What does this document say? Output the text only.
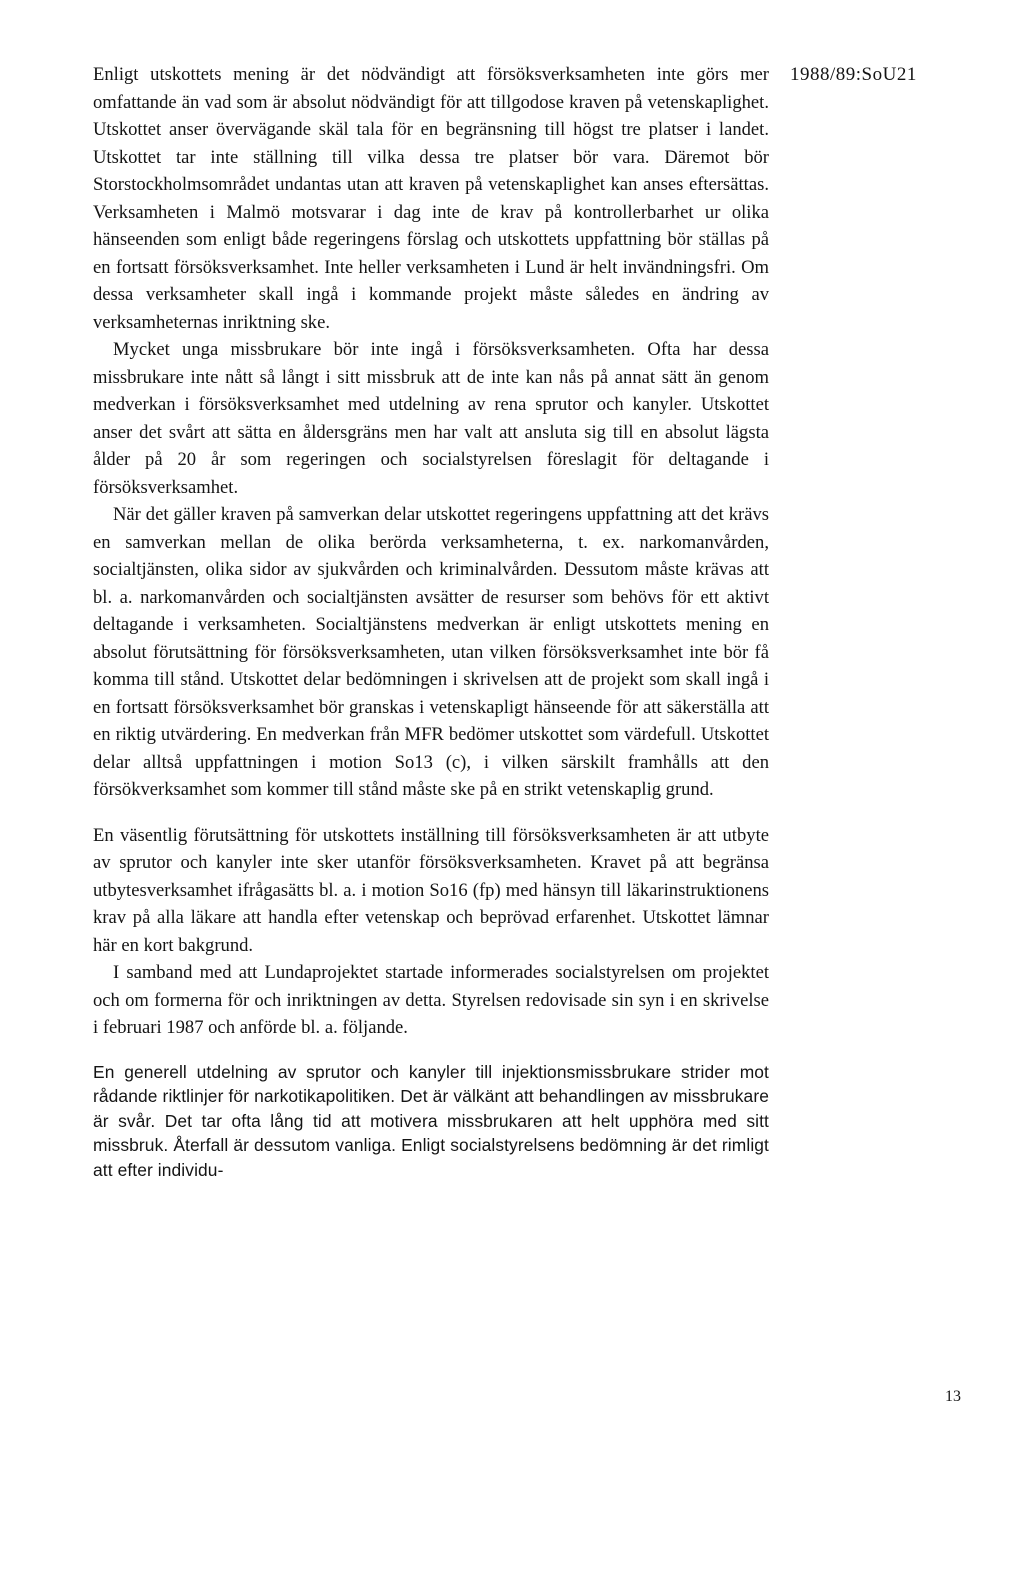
1988/89:SoU21

Enligt utskottets mening är det nödvändigt att försöksverksamheten inte görs mer omfattande än vad som är absolut nödvändigt för att tillgodose kraven på vetenskaplighet. Utskottet anser övervägande skäl tala för en begränsning till högst tre platser i landet. Utskottet tar inte ställning till vilka dessa tre platser bör vara. Däremot bör Storstockholmsområdet undantas utan att kraven på vetenskaplighet kan anses eftersättas. Verksamheten i Malmö motsvarar i dag inte de krav på kontrollerbarhet ur olika hänseenden som enligt både regeringens förslag och utskottets uppfattning bör ställas på en fortsatt försöksverksamhet. Inte heller verksamheten i Lund är helt invändningsfri. Om dessa verksamheter skall ingå i kommande projekt måste således en ändring av verksamheternas inriktning ske.

Mycket unga missbrukare bör inte ingå i försöksverksamheten. Ofta har dessa missbrukare inte nått så långt i sitt missbruk att de inte kan nås på annat sätt än genom medverkan i försöksverksamhet med utdelning av rena sprutor och kanyler. Utskottet anser det svårt att sätta en åldersgräns men har valt att ansluta sig till en absolut lägsta ålder på 20 år som regeringen och socialstyrelsen föreslagit för deltagande i försöksverksamhet.

När det gäller kraven på samverkan delar utskottet regeringens uppfattning att det krävs en samverkan mellan de olika berörda verksamheterna, t. ex. narkomanvården, socialtjänsten, olika sidor av sjukvården och kriminalvården. Dessutom måste krävas att bl. a. narkomanvården och socialtjänsten avsätter de resurser som behövs för ett aktivt deltagande i verksamheten. Socialtjänstens medverkan är enligt utskottets mening en absolut förutsättning för försöksverksamheten, utan vilken försöksverksamhet inte bör få komma till stånd. Utskottet delar bedömningen i skrivelsen att de projekt som skall ingå i en fortsatt försöksverksamhet bör granskas i vetenskapligt hänseende för att säkerställa att en riktig utvärdering. En medverkan från MFR bedömer utskottet som värdefull. Utskottet delar alltså uppfattningen i motion So13 (c), i vilken särskilt framhålls att den försökverksamhet som kommer till stånd måste ske på en strikt vetenskaplig grund.

En väsentlig förutsättning för utskottets inställning till försöksverksamheten är att utbyte av sprutor och kanyler inte sker utanför försöksverksamheten. Kravet på att begränsa utbytesverksamhet ifrågasätts bl. a. i motion So16 (fp) med hänsyn till läkarinstruktionens krav på alla läkare att handla efter vetenskap och beprövad erfarenhet. Utskottet lämnar här en kort bakgrund.

I samband med att Lundaprojektet startade informerades socialstyrelsen om projektet och om formerna för och inriktningen av detta. Styrelsen redovisade sin syn i en skrivelse i februari 1987 och anförde bl. a. följande.

En generell utdelning av sprutor och kanyler till injektionsmissbrukare strider mot rådande riktlinjer för narkotikapolitiken. Det är välkänt att behandlingen av missbrukare är svår. Det tar ofta lång tid att motivera missbrukaren att helt upphöra med sitt missbruk. Återfall är dessutom vanliga. Enligt socialstyrelsens bedömning är det rimligt att efter individu-

13
